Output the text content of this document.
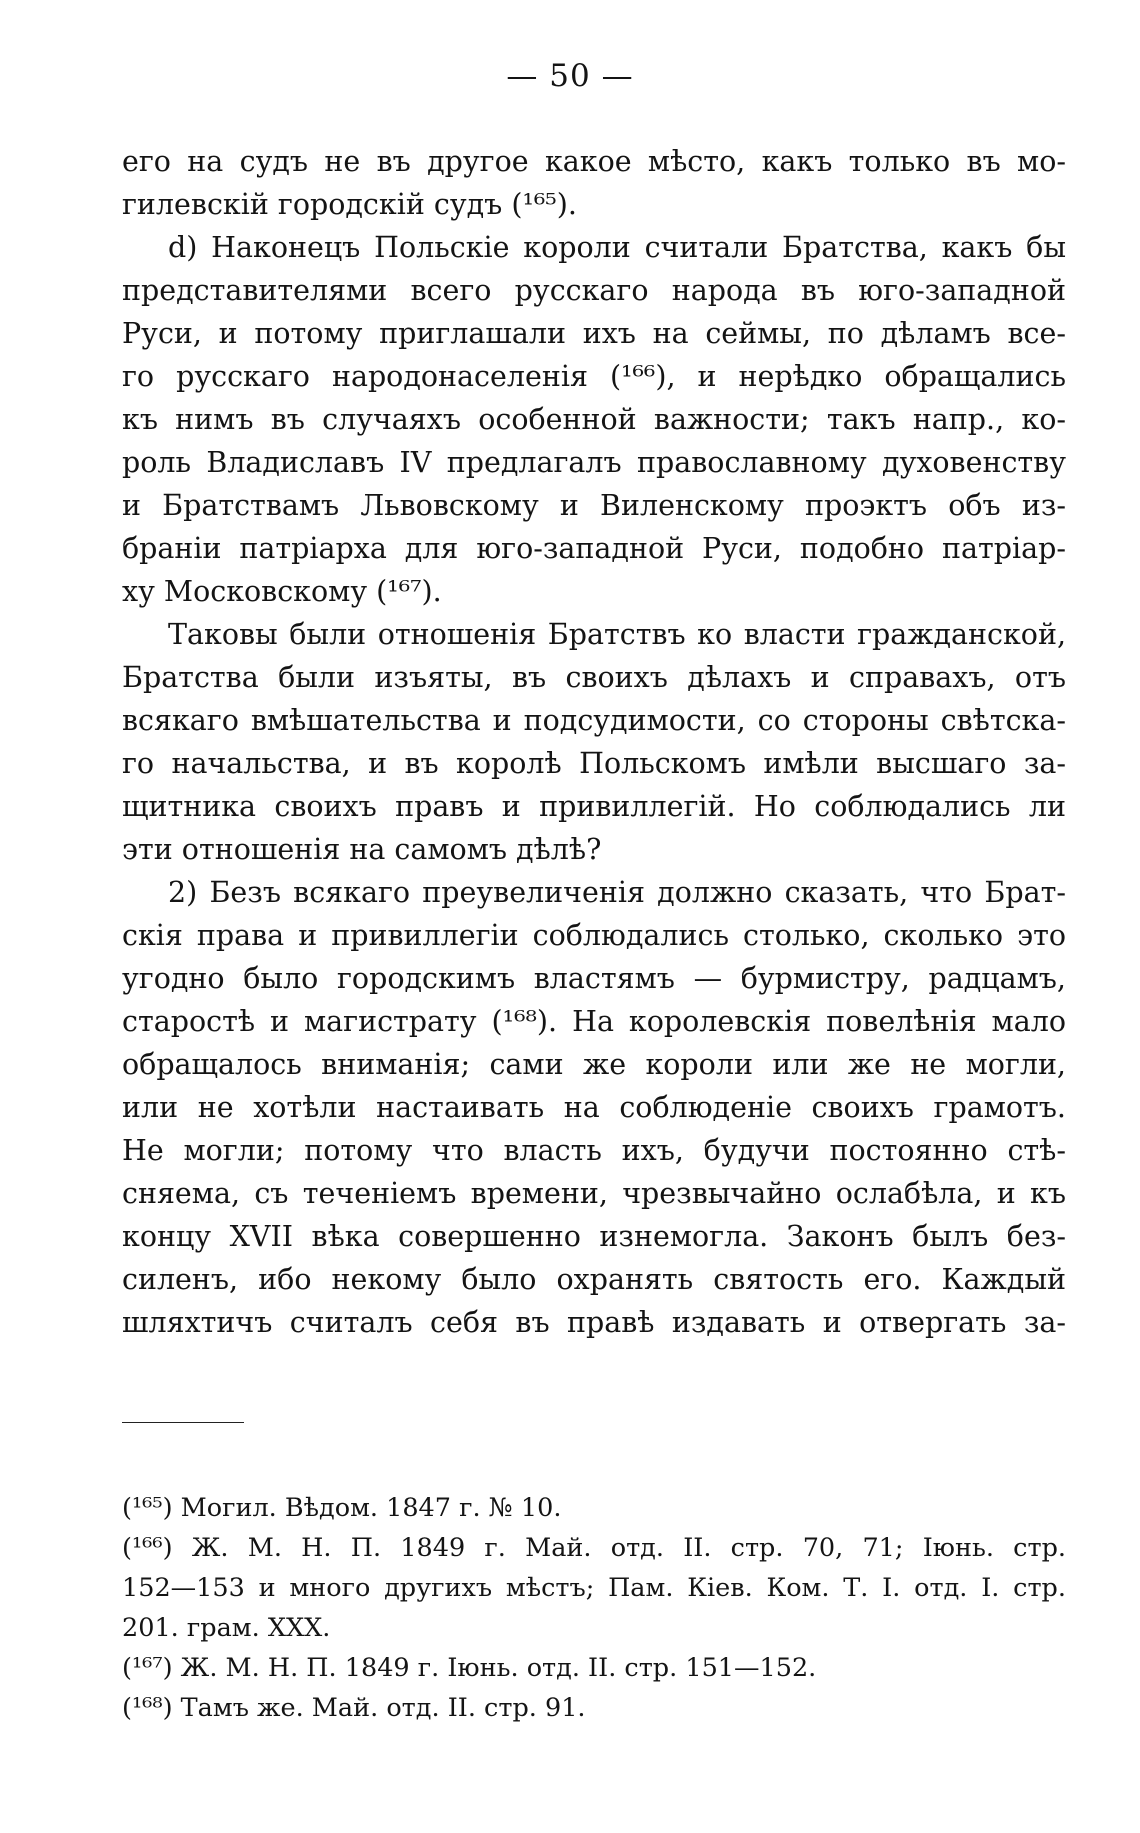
— 50 —
его на судъ не въ другое какое мѣсто, какъ только въ мо-
гилевскій городскій судъ (¹⁶⁵).
d) Наконецъ Польскіе короли считали Братства, какъ бы
представителями всего русскаго народа въ юго-западной
Руси, и потому приглашали ихъ на сеймы, по дѣламъ все-
го русскаго народонаселенія (¹⁶⁶), и нерѣдко обращались
къ нимъ въ случаяхъ особенной важности; такъ напр., ко-
роль Владиславъ IV предлагалъ православному духовенству
и Братствамъ Львовскому и Виленскому проэктъ объ из-
браніи патріарха для юго-западной Руси, подобно патріар-
ху Московскому (¹⁶⁷).
Таковы были отношенія Братствъ ко власти гражданской,
Братства были изъяты, въ своихъ дѣлахъ и справахъ, отъ
всякаго вмѣшательства и подсудимости, со стороны свѣтска-
го начальства, и въ королѣ Польскомъ имѣли высшаго за-
щитника своихъ правъ и привиллегій. Но соблюдались ли
эти отношенія на самомъ дѣлѣ?
2) Безъ всякаго преувеличенія должно сказать, что Брат-
скія права и привиллегіи соблюдались столько, сколько это
угодно было городскимъ властямъ — бурмистру, радцамъ,
старостѣ и магистрату (¹⁶⁸). На королевскія повелѣнія мало
обращалось вниманія; сами же короли или же не могли,
или не хотѣли настаивать на соблюденіе своихъ грамотъ.
Не могли; потому что власть ихъ, будучи постоянно стѣ-
сняема, съ теченіемъ времени, чрезвычайно ослабѣла, и къ
концу XVII вѣка совершенно изнемогла. Законъ былъ без-
силенъ, ибо некому было охранять святость его. Каждый
шляхтичъ считалъ себя въ правѣ издавать и отвергать за-
(¹⁶⁵) Могил. Вѣдом. 1847 г. № 10.
(¹⁶⁶) Ж. М. Н. П. 1849 г. Май. отд. II. стр. 70, 71; Іюнь. стр.
152—153 и много другихъ мѣстъ; Пам. Кіев. Ком. Т. I. отд. I. стр.
201. грам. XXX.
(¹⁶⁷) Ж. М. Н. П. 1849 г. Іюнь. отд. II. стр. 151—152.
(¹⁶⁸) Тамъ же. Май. отд. II. стр. 91.
